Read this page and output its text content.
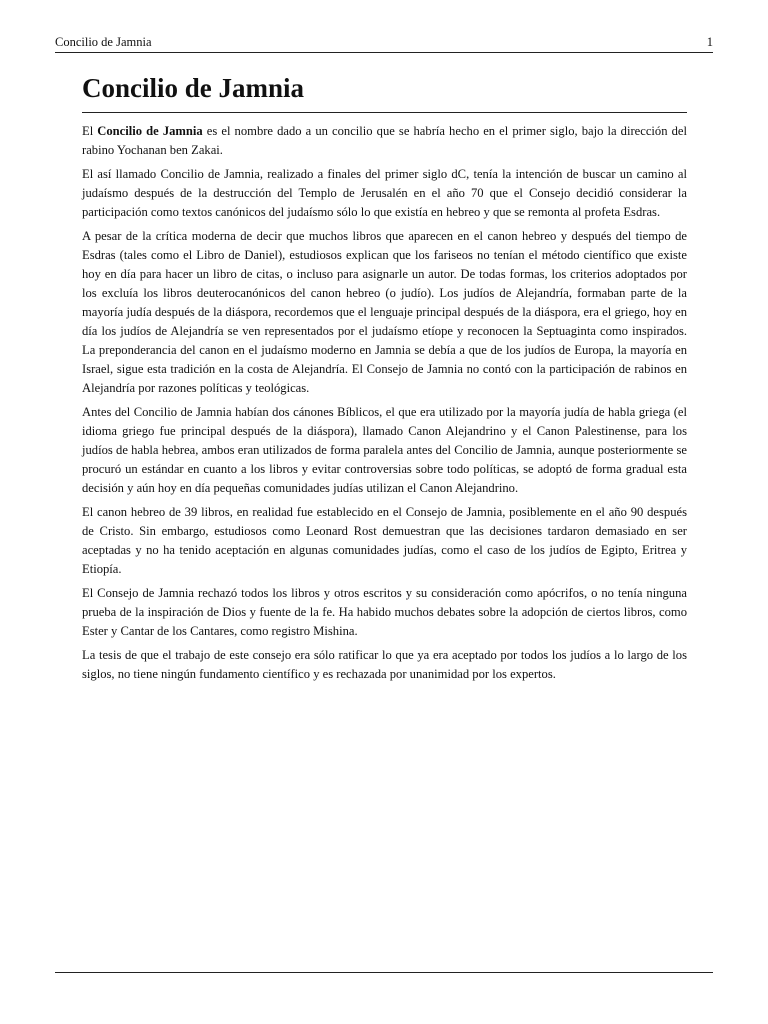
Concilio de Jamnia	1
Concilio de Jamnia

El Concilio de Jamnia es el nombre dado a un concilio que se habría hecho en el primer siglo, bajo la dirección del rabino Yochanan ben Zakai.

El así llamado Concilio de Jamnia, realizado a finales del primer siglo dC, tenía la intención de buscar un camino al judaísmo después de la destrucción del Templo de Jerusalén en el año 70 que el Consejo decidió considerar la participación como textos canónicos del judaísmo sólo lo que existía en hebreo y que se remonta al profeta Esdras.

A pesar de la crítica moderna de decir que muchos libros que aparecen en el canon hebreo y después del tiempo de Esdras (tales como el Libro de Daniel), estudiosos explican que los fariseos no tenían el método científico que existe hoy en día para hacer un libro de citas, o incluso para asignarle un autor. De todas formas, los criterios adoptados por los excluía los libros deuterocanónicos del canon hebreo (o judío). Los judíos de Alejandría, formaban parte de la mayoría judía después de la diáspora, recordemos que el lenguaje principal después de la diáspora, era el griego, hoy en día los judíos de Alejandría se ven representados por el judaísmo etíope y reconocen la Septuaginta como inspirados. La preponderancia del canon en el judaísmo moderno en Jamnia se debía a que de los judíos de Europa, la mayoría en Israel, sigue esta tradición en la costa de Alejandría. El Consejo de Jamnia no contó con la participación de rabinos en Alejandría por razones políticas y teológicas.

Antes del Concilio de Jamnia habían dos cánones Bíblicos, el que era utilizado por la mayoría judía de habla griega (el idioma griego fue principal después de la diáspora), llamado Canon Alejandrino y el Canon Palestinense, para los judíos de habla hebrea, ambos eran utilizados de forma paralela antes del Concilio de Jamnia, aunque posteriormente se procuró un estándar en cuanto a los libros y evitar controversias sobre todo políticas, se adoptó de forma gradual esta decisión y aún hoy en día pequeñas comunidades judías utilizan el Canon Alejandrino.

El canon hebreo de 39 libros, en realidad fue establecido en el Consejo de Jamnia, posiblemente en el año 90 después de Cristo. Sin embargo, estudiosos como Leonard Rost demuestran que las decisiones tardaron demasiado en ser aceptadas y no ha tenido aceptación en algunas comunidades judías, como el caso de los judíos de Egipto, Eritrea y Etiopía.

El Consejo de Jamnia rechazó todos los libros y otros escritos y su consideración como apócrifos, o no tenía ninguna prueba de la inspiración de Dios y fuente de la fe. Ha habido muchos debates sobre la adopción de ciertos libros, como Ester y Cantar de los Cantares, como registro Mishina.

La tesis de que el trabajo de este consejo era sólo ratificar lo que ya era aceptado por todos los judíos a lo largo de los siglos, no tiene ningún fundamento científico y es rechazada por unanimidad por los expertos.
